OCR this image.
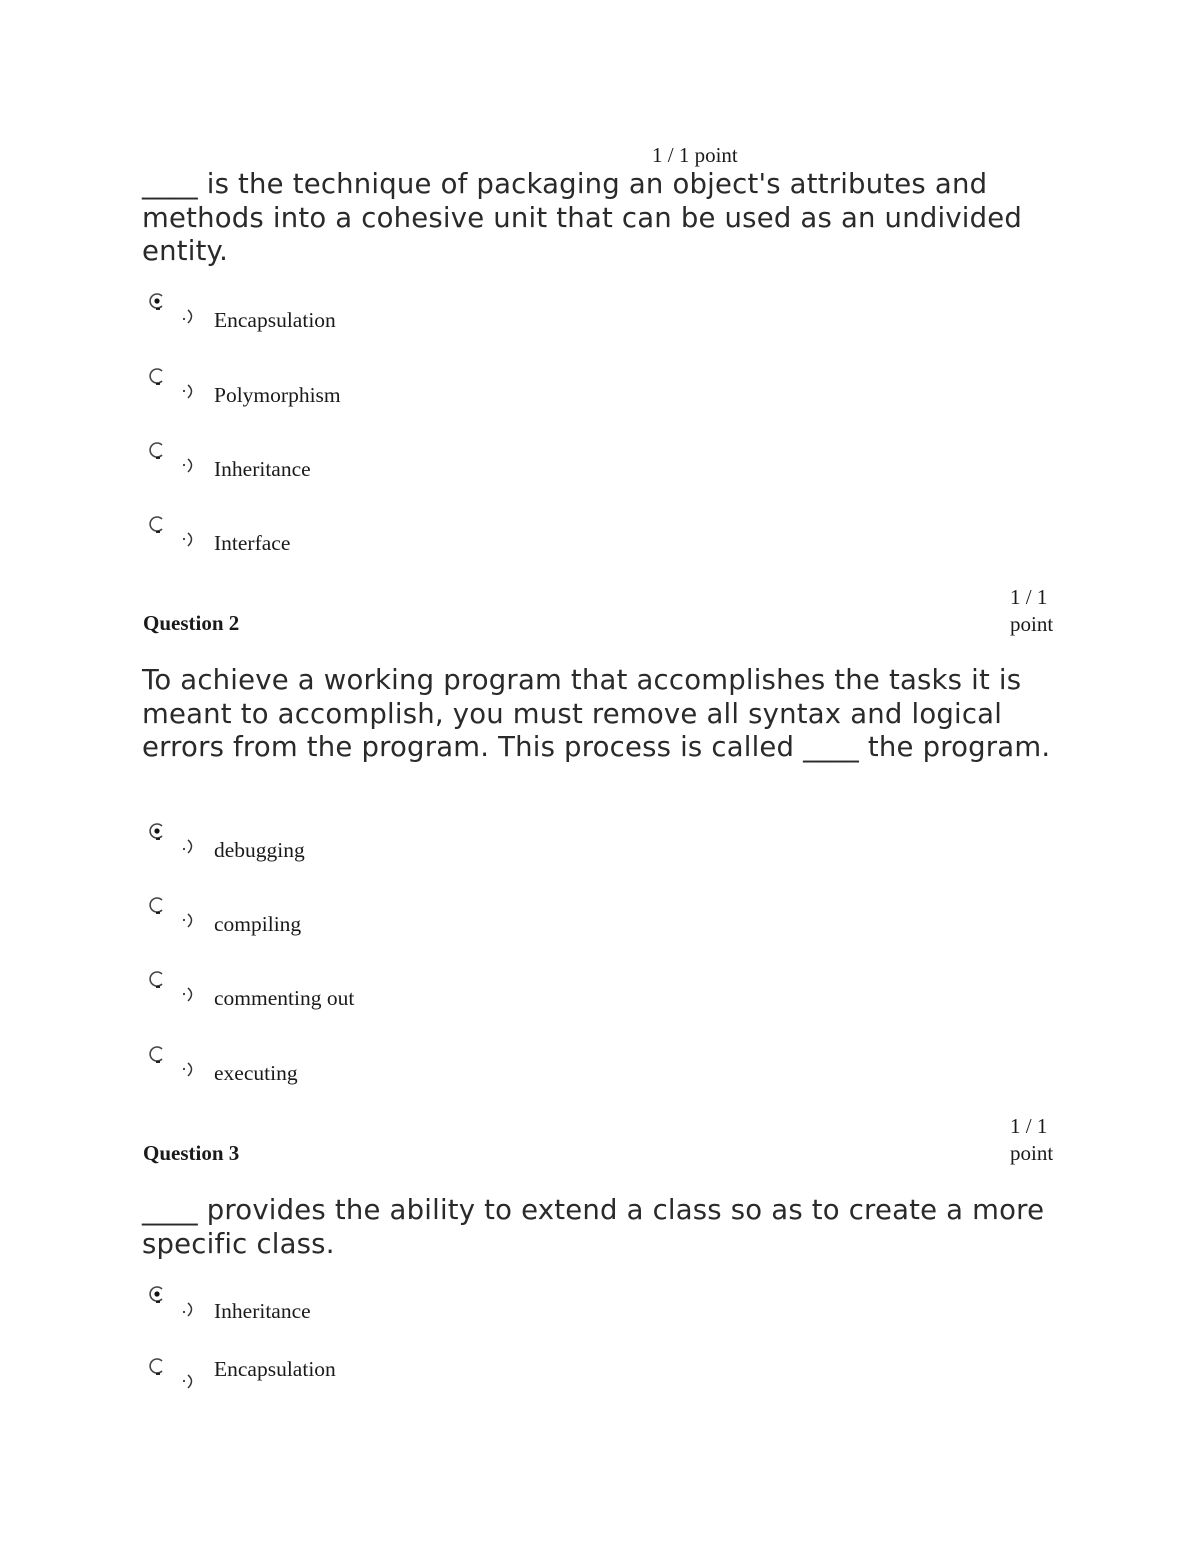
1 / 1 point
____ is the technique of packaging an object's attributes and methods into a cohesive unit that can be used as an undivided entity.
Encapsulation
Polymorphism
Inheritance
Interface
Question 2
1 / 1 point
To achieve a working program that accomplishes the tasks it is meant to accomplish, you must remove all syntax and logical errors from the program. This process is called ____ the program.
debugging
compiling
commenting out
executing
Question 3
1 / 1 point
____ provides the ability to extend a class so as to create a more specific class.
Inheritance
Encapsulation
